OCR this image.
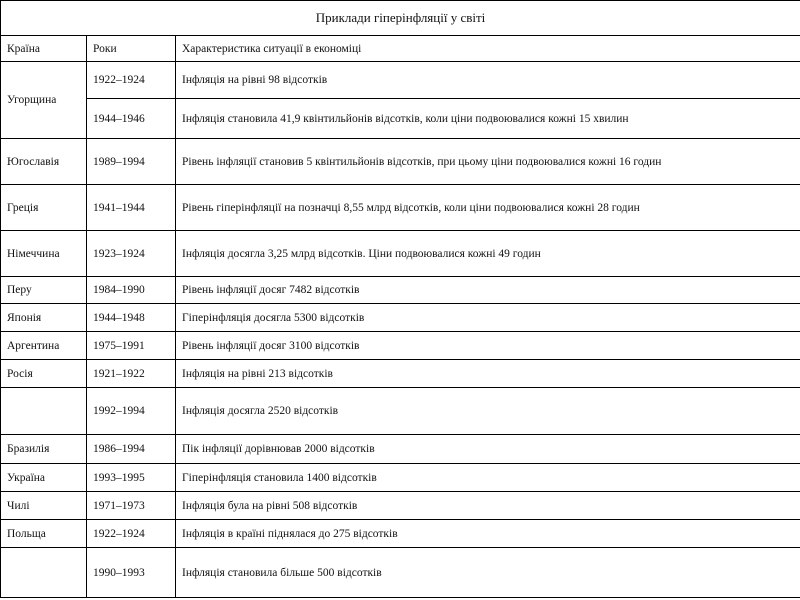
Приклади гіперінфляції у світі		
Країна	Роки	Характеристика ситуації в економіці
Угорщина	1922–1924	Інфляція на рівні 98 відсотків
	1944–1946	Інфляція становила 41,9 квінтильйонів відсотків, коли ціни подвоювалися кожні 15 хвилин
Югославія	1989–1994	Рівень інфляції становив 5 квінтильйонів відсотків, при цьому ціни подвоювалися кожні 16 годин
Греція	1941–1944	Рівень гіперінфляції на позначці 8,55 млрд відсотків, коли ціни подвоювалися кожні 28 годин
Німеччина	1923–1924	Інфляція досягла 3,25 млрд відсотків. Ціни подвоювалися кожні 49 годин
Перу	1984–1990	Рівень інфляції досяг 7482 відсотків
Японія	1944–1948	Гіперінфляція досягла 5300 відсотків
Аргентина	1975–1991	Рівень інфляції досяг 3100 відсотків
Росія	1921–1922	Інфляція на рівні 213 відсотків
	1992–1994	Інфляція досягла 2520 відсотків
Бразилія	1986–1994	Пік інфляції дорівнював 2000 відсотків
Україна	1993–1995	Гіперінфляція становила 1400 відсотків
Чилі	1971–1973	Інфляція була на рівні 508 відсотків
Польща	1922–1924	Інфляція в країні піднялася до 275 відсотків
	1990–1993	Інфляція становила більше 500 відсотків
